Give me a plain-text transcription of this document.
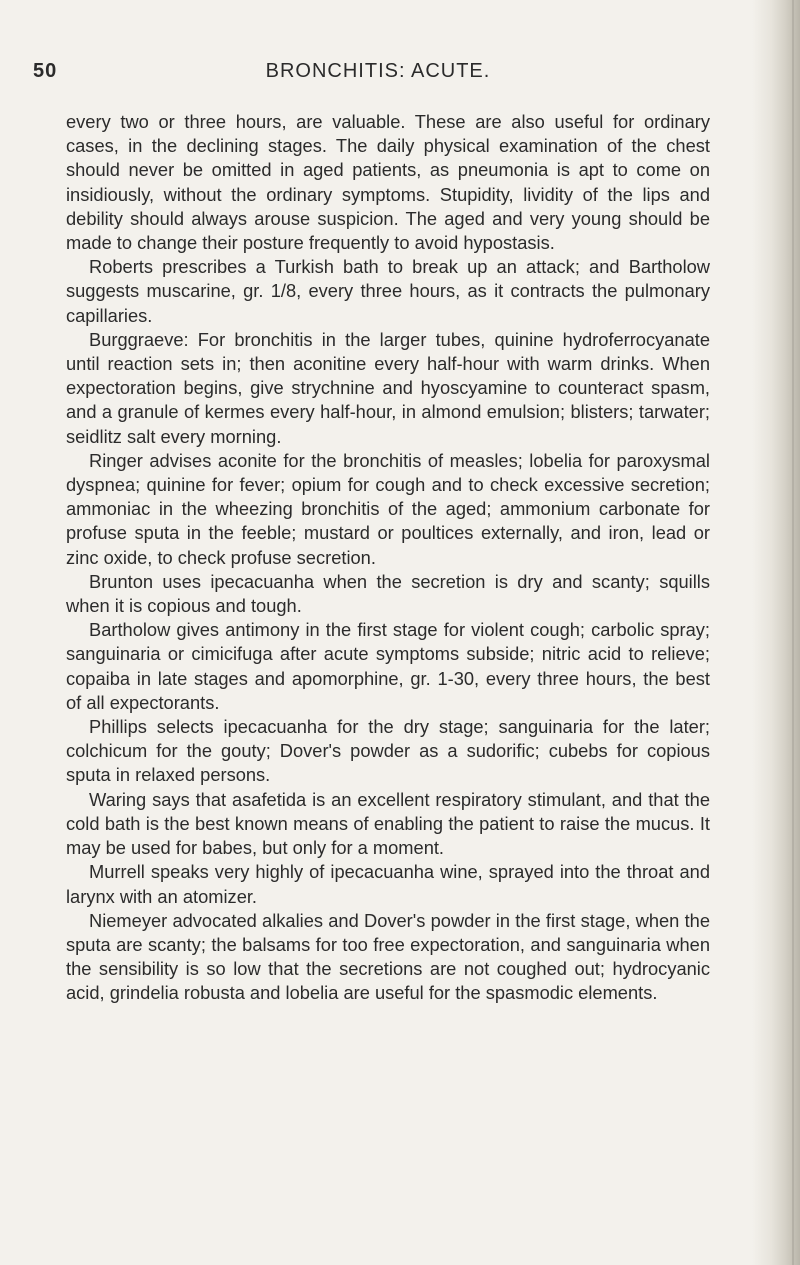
50	BRONCHITIS: ACUTE.

every two or three hours, are valuable. These are also useful for ordinary cases, in the declining stages. The daily physical examination of the chest should never be omitted in aged patients, as pneumonia is apt to come on insidiously, without the ordinary symptoms. Stupidity, lividity of the lips and debility should always arouse suspicion. The aged and very young should be made to change their posture frequently to avoid hypostasis.

Roberts prescribes a Turkish bath to break up an attack; and Bartholow suggests muscarine, gr. 1/8, every three hours, as it contracts the pulmonary capillaries.

Burggraeve: For bronchitis in the larger tubes, quinine hydroferrocyanate until reaction sets in; then aconitine every half-hour with warm drinks. When expectoration begins, give strychnine and hyoscyamine to counteract spasm, and a granule of kermes every half-hour, in almond emulsion; blisters; tarwater; seidlitz salt every morning.

Ringer advises aconite for the bronchitis of measles; lobelia for paroxysmal dyspnea; quinine for fever; opium for cough and to check excessive secretion; ammoniac in the wheezing bronchitis of the aged; ammonium carbonate for profuse sputa in the feeble; mustard or poultices externally, and iron, lead or zinc oxide, to check profuse secretion.

Brunton uses ipecacuanha when the secretion is dry and scanty; squills when it is copious and tough.

Bartholow gives antimony in the first stage for violent cough; carbolic spray; sanguinaria or cimicifuga after acute symptoms subside; nitric acid to relieve; copaiba in late stages and apomorphine, gr. 1-30, every three hours, the best of all expectorants.

Phillips selects ipecacuanha for the dry stage; sanguinaria for the later; colchicum for the gouty; Dover's powder as a sudorific; cubebs for copious sputa in relaxed persons.

Waring says that asafetida is an excellent respiratory stimulant, and that the cold bath is the best known means of enabling the patient to raise the mucus. It may be used for babes, but only for a moment.

Murrell speaks very highly of ipecacuanha wine, sprayed into the throat and larynx with an atomizer.

Niemeyer advocated alkalies and Dover's powder in the first stage, when the sputa are scanty; the balsams for too free expectoration, and sanguinaria when the sensibility is so low that the secretions are not coughed out; hydrocyanic acid, grindelia robusta and lobelia are useful for the spasmodic elements.
